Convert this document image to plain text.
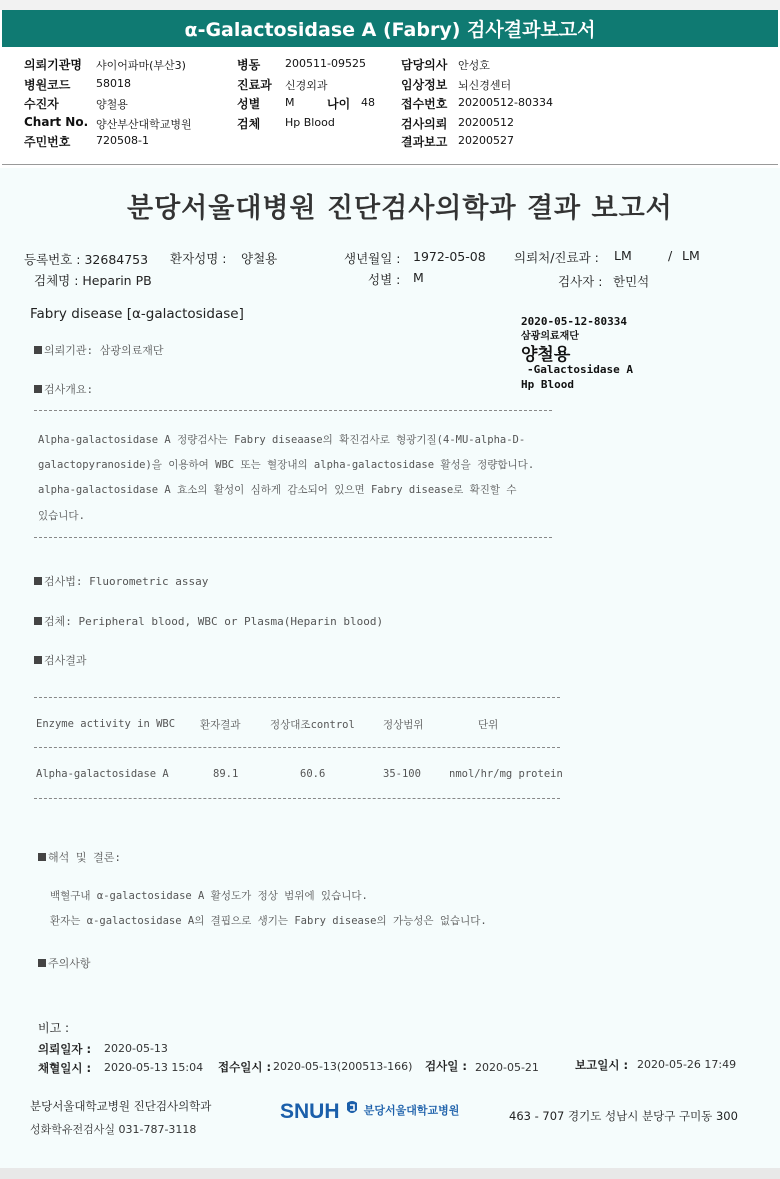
α-Galactosidase A (Fabry) 검사결과보고서
의뢰기관명 샤이어파마(부산3)
병원코드 58018
수진자	양철용
Chart No. 양산부산대학교병원
주민번호 720508-1
병동 200511-09525
진료과 신경외과
성별 M	나이 48
검체 Hp Blood
담당의사 안성호
임상정보 뇌신경센터
접수번호 20200512-80334
검사의뢰 20200512
결과보고 20200527
분당서울대병원 진단검사의학과 결과 보고서
등록번호 : 32684753 환자성명 : 양철용	생년월일 : 1972-05-08 의뢰처/진료과 : LM	/ LM
검체명 : Heparin PB	성별 : M	검사자 : 한민석
Fabry disease [α-galactosidase]	2020-05-12-80334
삼광의료재단
양철용
-Galactosidase A
Hp Blood
의뢰기관: 삼광의료재단
검사개요:
Alpha-galactosidase A 정량검사는 Fabry diseaase의 확진검사로 형광기질(4-MU-alpha-D-
galactopyranoside)을 이용하여 WBC 또는 혈장내의 alpha-galactosidase 활성을 정량합니다.
alpha-galactosidase A 효소의 활성이 심하게 감소되어 있으면 Fabry disease로 확진할 수
있습니다.
검사법: Fluorometric assay
검체: Peripheral blood, WBC or Plasma(Heparin blood)
검사결과
Enzyme activity in WBC 환자결과	정상대조control	정상범위	단위
Alpha-galactosidase A	89.1	60.6	35-100	nmol/hr/mg protein
해석 및 결론:
백혈구내 α-galactosidase A 활성도가 정상 범위에 있습니다.
환자는 α-galactosidase A의 결핍으로 생기는 Fabry disease의 가능성은 없습니다.
주의사항
비고 :
의뢰일자 : 2020-05-13
채혈일시 : 2020-05-13 15:04 접수일시 : 2020-05-13(200513-166) 검사일 : 2020-05-21	보고일시 : 2020-05-26 17:49
분당서울대학교병원 진단검사의학과
성화학유전검사실 031-787-3118
SNUH $^{분당서울대학교병원}$	463 - 707 경기도 성남시 분당구 구미동 300
